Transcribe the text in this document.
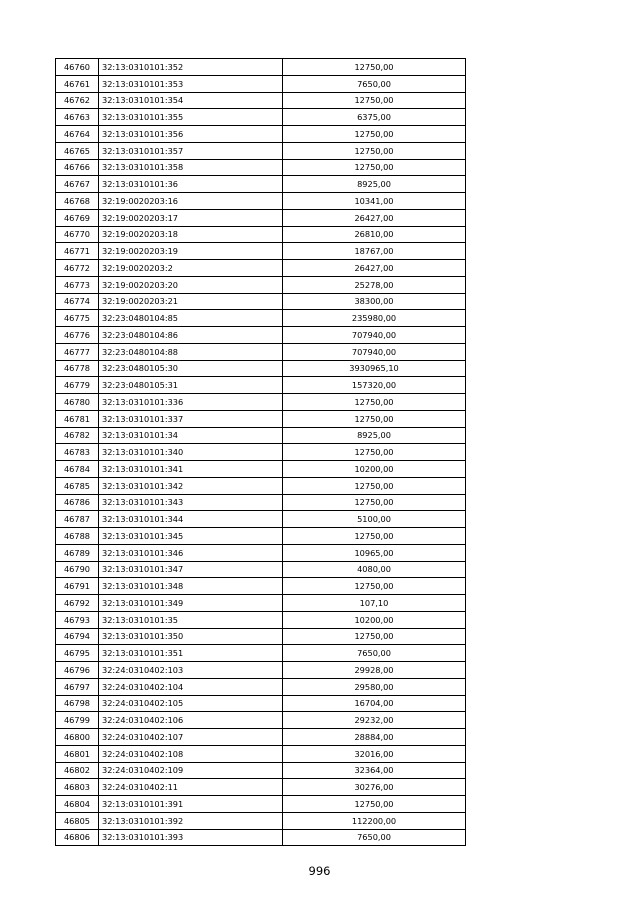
46760	32:13:0310101:352	12750,00
46761	32:13:0310101:353	7650,00
46762	32:13:0310101:354	12750,00
46763	32:13:0310101:355	6375,00
46764	32:13:0310101:356	12750,00
46765	32:13:0310101:357	12750,00
46766	32:13:0310101:358	12750,00
46767	32:13:0310101:36	8925,00
46768	32:19:0020203:16	10341,00
46769	32:19:0020203:17	26427,00
46770	32:19:0020203:18	26810,00
46771	32:19:0020203:19	18767,00
46772	32:19:0020203:2	26427,00
46773	32:19:0020203:20	25278,00
46774	32:19:0020203:21	38300,00
46775	32:23:0480104:85	235980,00
46776	32:23:0480104:86	707940,00
46777	32:23:0480104:88	707940,00
46778	32:23:0480105:30	3930965,10
46779	32:23:0480105:31	157320,00
46780	32:13:0310101:336	12750,00
46781	32:13:0310101:337	12750,00
46782	32:13:0310101:34	8925,00
46783	32:13:0310101:340	12750,00
46784	32:13:0310101:341	10200,00
46785	32:13:0310101:342	12750,00
46786	32:13:0310101:343	12750,00
46787	32:13:0310101:344	5100,00
46788	32:13:0310101:345	12750,00
46789	32:13:0310101:346	10965,00
46790	32:13:0310101:347	4080,00
46791	32:13:0310101:348	12750,00
46792	32:13:0310101:349	107,10
46793	32:13:0310101:35	10200,00
46794	32:13:0310101:350	12750,00
46795	32:13:0310101:351	7650,00
46796	32:24:0310402:103	29928,00
46797	32:24:0310402:104	29580,00
46798	32:24:0310402:105	16704,00
46799	32:24:0310402:106	29232,00
46800	32:24:0310402:107	28884,00
46801	32:24:0310402:108	32016,00
46802	32:24:0310402:109	32364,00
46803	32:24:0310402:11	30276,00
46804	32:13:0310101:391	12750,00
46805	32:13:0310101:392	112200,00
46806	32:13:0310101:393	7650,00
996
